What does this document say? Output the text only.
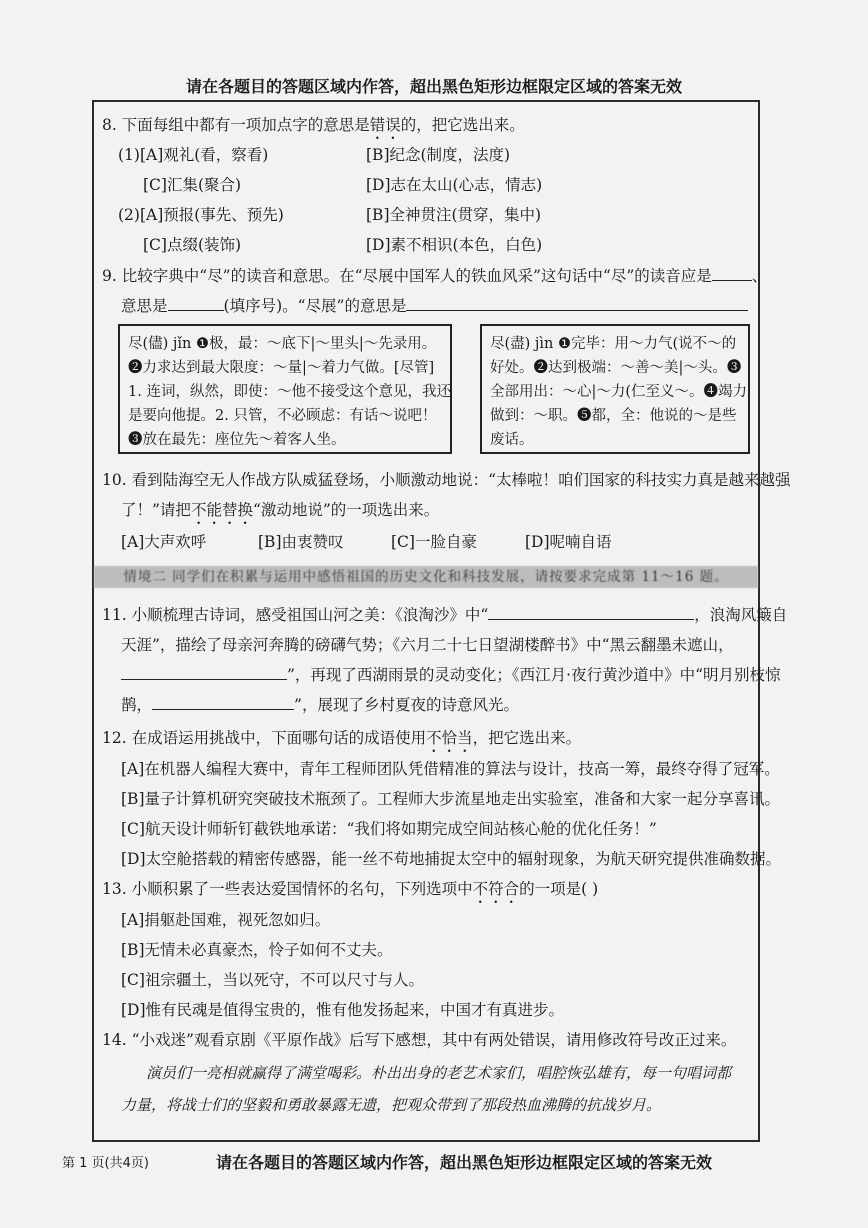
请在各题目的答题区域内作答，超出黑色矩形边框限定区域的答案无效
8. 下面每组中都有一项加点字的意思是错误的，把它选出来。
(1)[A]观礼(看，察看)	[B]纪念(制度，法度)
[C]汇集(聚合)	[D]志在太山(心志，情志)
(2)[A]预报(事先、预先)	[B]全神贯注(贯穿，集中)
[C]点缀(装饰)	[D]素不相识(本色，白色)
9. 比较字典中“尽”的读音和意思。在“尽展中国军人的铁血风采”这句话中“尽”的读音应是	、
意思是	(填序号)。“尽展”的意思是

尽(儘) jǐn ❶极，最：～底下|～里头|～先录用。

❷力求达到最大限度：～量|～着力气做。[尽管]

1. 连词，纵然，即使：～他不接受这个意见，我还

是要向他提。2. 只管，不必顾虑：有话～说吧！

❸放在最先：座位先～着客人坐。

尽(盡) jìn ❶完毕：用～力气(说不～的

好处。❷达到极端：～善～美|～头。❸

全部用出：～心|～力(仁至义～。❹竭力

做到：～职。❺都，全：他说的～是些

废话。

10. 看到陆海空无人作战方队威猛登场，小顺激动地说：“太棒啦！咱们国家的科技实力真是越来越强
了！”请把不能替换“激动地说”的一项选出来。
[A]大声欢呼	[B]由衷赞叹	[C]一脸自豪	[D]呢喃自语
情境二 同学们在积累与运用中感悟祖国的历史文化和科技发展，请按要求完成第 11～16 题。
11. 小顺梳理古诗词，感受祖国山河之美：《浪淘沙》中“	，浪淘风簸自
天涯”，描绘了母亲河奔腾的磅礴气势；《六月二十七日望湖楼醉书》中“黑云翻墨未遮山，
”，再现了西湖雨景的灵动变化；《西江月·夜行黄沙道中》中“明月别枝惊
鹊，	”，展现了乡村夏夜的诗意风光。
12. 在成语运用挑战中，下面哪句话的成语使用不恰当，把它选出来。
[A]在机器人编程大赛中，青年工程师团队凭借精准的算法与设计，技高一筹，最终夺得了冠军。
[B]量子计算机研究突破技术瓶颈了。工程师大步流星地走出实验室，准备和大家一起分享喜讯。
[C]航天设计师斩钉截铁地承诺：“我们将如期完成空间站核心舱的优化任务！”
[D]太空舱搭载的精密传感器，能一丝不苟地捕捉太空中的辐射现象，为航天研究提供准确数据。
13. 小顺积累了一些表达爱国情怀的名句，下列选项中不符合的一项是( )
[A]捐躯赴国难，视死忽如归。
[B]无情未必真豪杰，怜子如何不丈夫。
[C]祖宗疆土，当以死守，不可以尺寸与人。
[D]惟有民魂是值得宝贵的，惟有他发扬起来，中国才有真进步。
14. “小戏迷”观看京剧《平原作战》后写下感想，其中有两处错误，请用修改符号改正过来。
演员们一亮相就赢得了满堂喝彩。朴出出身的老艺术家们，唱腔恢弘雄有，每一句唱词都
力量，将战士们的坚毅和勇敢暴露无遗，把观众带到了那段热血沸腾的抗战岁月。
第 1 页(共4页)	请在各题目的答题区域内作答，超出黑色矩形边框限定区域的答案无效
